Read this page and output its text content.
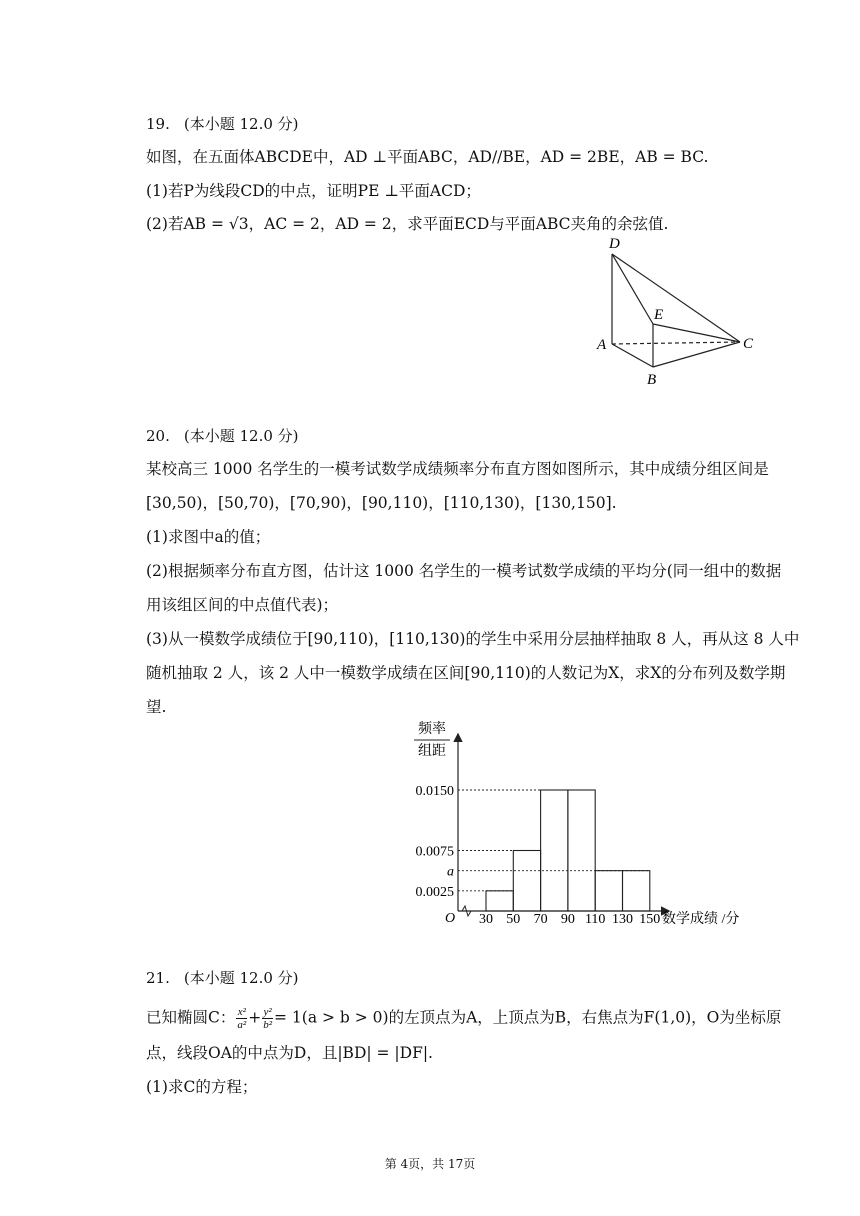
19. (本小题 12.0 分)
如图，在五面体ABCDE中，AD ⊥平面ABC，AD//BE，AD = 2BE，AB = BC.
(1)若P为线段CD的中点，证明PE ⊥平面ACD；
(2)若AB = √3，AC = 2，AD = 2，求平面ECD与平面ABC夹角的余弦值.
D
E
A
B
C
20. (本小题 12.0 分)
某校高三 1000 名学生的一模考试数学成绩频率分布直方图如图所示，其中成绩分组区间是
[30,50)，[50,70)，[70,90)，[90,110)，[110,130)，[130,150].
(1)求图中a的值；
(2)根据频率分布直方图，估计这 1000 名学生的一模考试数学成绩的平均分(同一组中的数据
用该组区间的中点值代表)；
(3)从一模数学成绩位于[90,110)，[110,130)的学生中采用分层抽样抽取 8 人，再从这 8 人中
随机抽取 2 人，该 2 人中一模数学成绩在区间[90,110)的人数记为X，求X的分布列及数学期
望.
频率
组距
O	数学成绩 /分
0.0150
0.0075
a
0.0025
30 50 70 90 110 130 150
21. (本小题 12.0 分)
已知椭圆C： $\frac{\text{x²}}{\text{a²}} + \frac{\text{y²}}{\text{b²}} = 1(a > b > 0)$的左顶点为A，上顶点为B，右焦点为F(1,0)，O为坐标原
点，线段OA的中点为D，且|BD| = |DF|.
(1)求C的方程；
第 4页，共 17页
